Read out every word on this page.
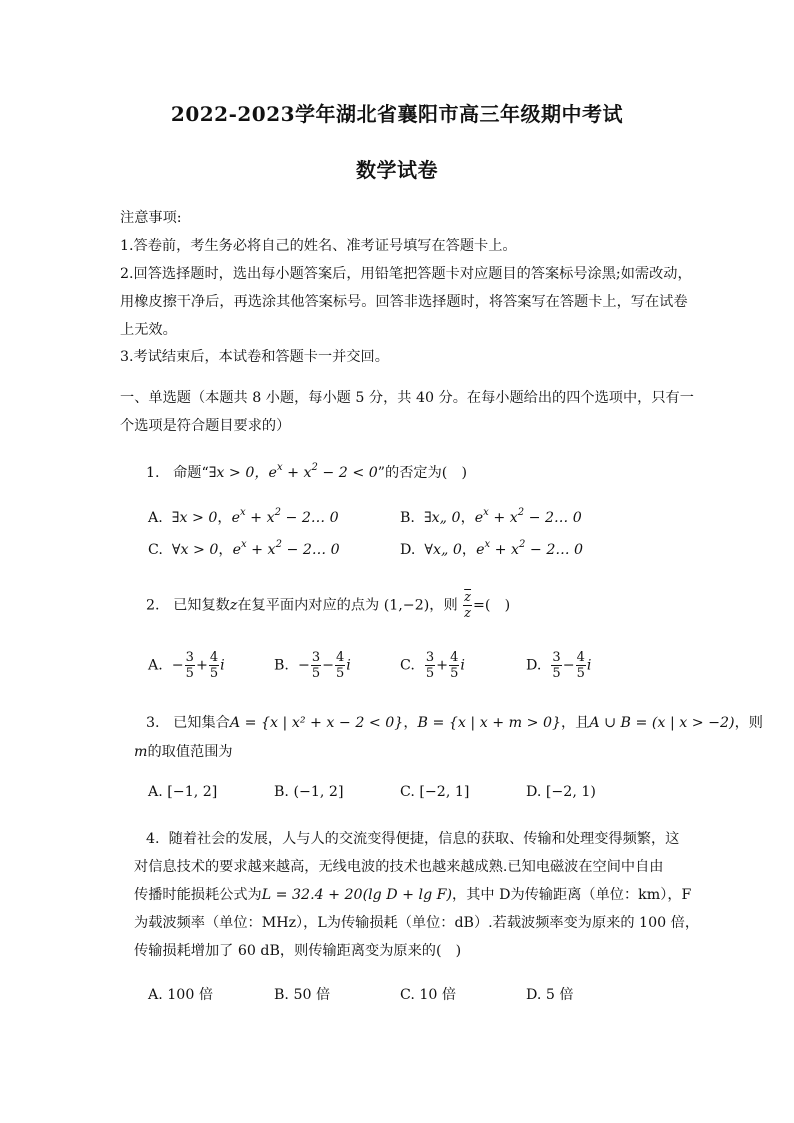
2022-2023学年湖北省襄阳市高三年级期中考试
数学试卷
注意事项:
1.答卷前，考生务必将自己的姓名、准考证号填写在答题卡上。
2.回答选择题时，选出每小题答案后，用铅笔把答题卡对应题目的答案标号涂黑;如需改动，
用橡皮擦干净后，再选涂其他答案标号。回答非选择题时，将答案写在答题卡上，写在试卷
上无效。
3.考试结束后，本试卷和答题卡一并交回。
一、单选题（本题共 8 小题，每小题 5 分，共 40 分。在每小题给出的四个选项中，只有一
个选项是符合题目要求的）
1. 命题“∃x > 0，$e^x + x^2 - 2 < 0$”的否定为(　)
A.  ∃x > 0，$e^x + x^2$ − 2… 0	B.  ∃x„ 0，$e^x + x^2$ − 2… 0
C.  ∀x > 0，$e^x + x^2$ − 2… 0	D.  ∀x„ 0，$e^x + x^2$ − 2… 0
2. 已知复数z在复平面内对应的点为 (1,−2)，则 $\frac{\overline{z}}{z}$ =(　)
A.  − $\frac{3}{5} + \frac{4}{5}$ i	B.  − $\frac{3}{5} - \frac{4}{5}$ i	C. $\frac{3}{5} + \frac{4}{5}$ i	D. $\frac{3}{5} - \frac{4}{5}$ i
3. 已知集合A = {x | x² + x − 2 < 0}，B = {x | x + m > 0}，且A ∪ B = (x | x > −2)，则
m的取值范围为
A. [−1, 2]	B. (−1, 2]	C. [−2, 1]	D. [−2, 1)
4. 随着社会的发展，人与人的交流变得便捷，信息的获取、传输和处理变得频繁，这
对信息技术的要求越来越高，无线电波的技术也越来越成熟.已知电磁波在空间中自由
传播时能损耗公式为L = 32.4 + 20(lg D + lg F)，其中 D为传输距离（单位：km），F
为载波频率（单位：MHz），L为传输损耗（单位：dB）.若载波频率变为原来的 100 倍，
传输损耗增加了 60 dB，则传输距离变为原来的(　)
A. 100 倍	B. 50 倍	C. 10 倍	D. 5 倍
